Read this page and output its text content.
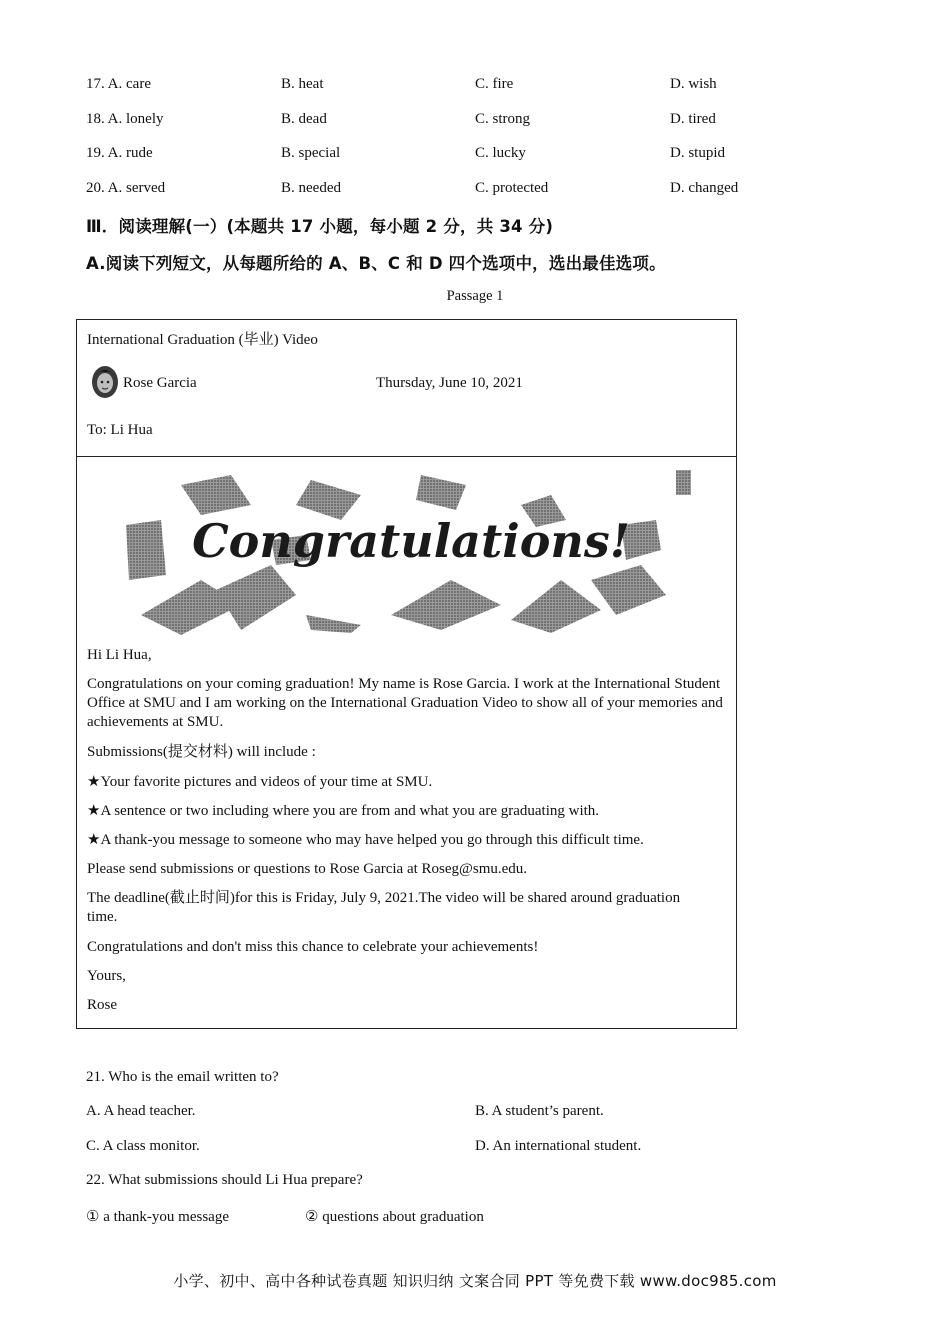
17. A. care	B. heat	C. fire	D. wish
18. A. lonely	B. dead	C. strong	D. tired
19. A. rude	B. special	C. lucky	D. stupid
20. A. served	B. needed	C. protected	D. changed
Ⅲ．阅读理解(一）(本题共 17 小题，每小题 2 分，共 34 分)
A.阅读下列短文，从每题所给的 A、B、C 和 D 四个选项中，选出最佳选项。
Passage 1
International Graduation (毕业) Video
Rose Garcia	Thursday, June 10, 2021
To: Li Hua
Congratulations!
Hi Li Hua,
Congratulations on your coming graduation! My name is Rose Garcia. I work at the International Student Office at SMU and I am working on the International Graduation Video to show all of your memories and achievements at SMU.
Submissions(提交材料) will include :
★Your favorite pictures and videos of your time at SMU.
★A sentence or two including where you are from and what you are graduating with.
★A thank-you message to someone who may have helped you go through this difficult time.
Please send submissions or questions to Rose Garcia at Roseg@smu.edu.
The deadline(截止时间)for this is Friday, July 9, 2021.The video will be shared around graduation time.
Congratulations and don't miss this chance to celebrate your achievements!
Yours,
Rose
21. Who is the email written to?
A. A head teacher.	B. A student’s parent.
C. A class monitor.	D. An international student.
22. What submissions should Li Hua prepare?
① a thank-you message	② questions about graduation
小学、初中、高中各种试卷真题 知识归纳 文案合同 PPT 等免费下载 www.doc985.com
